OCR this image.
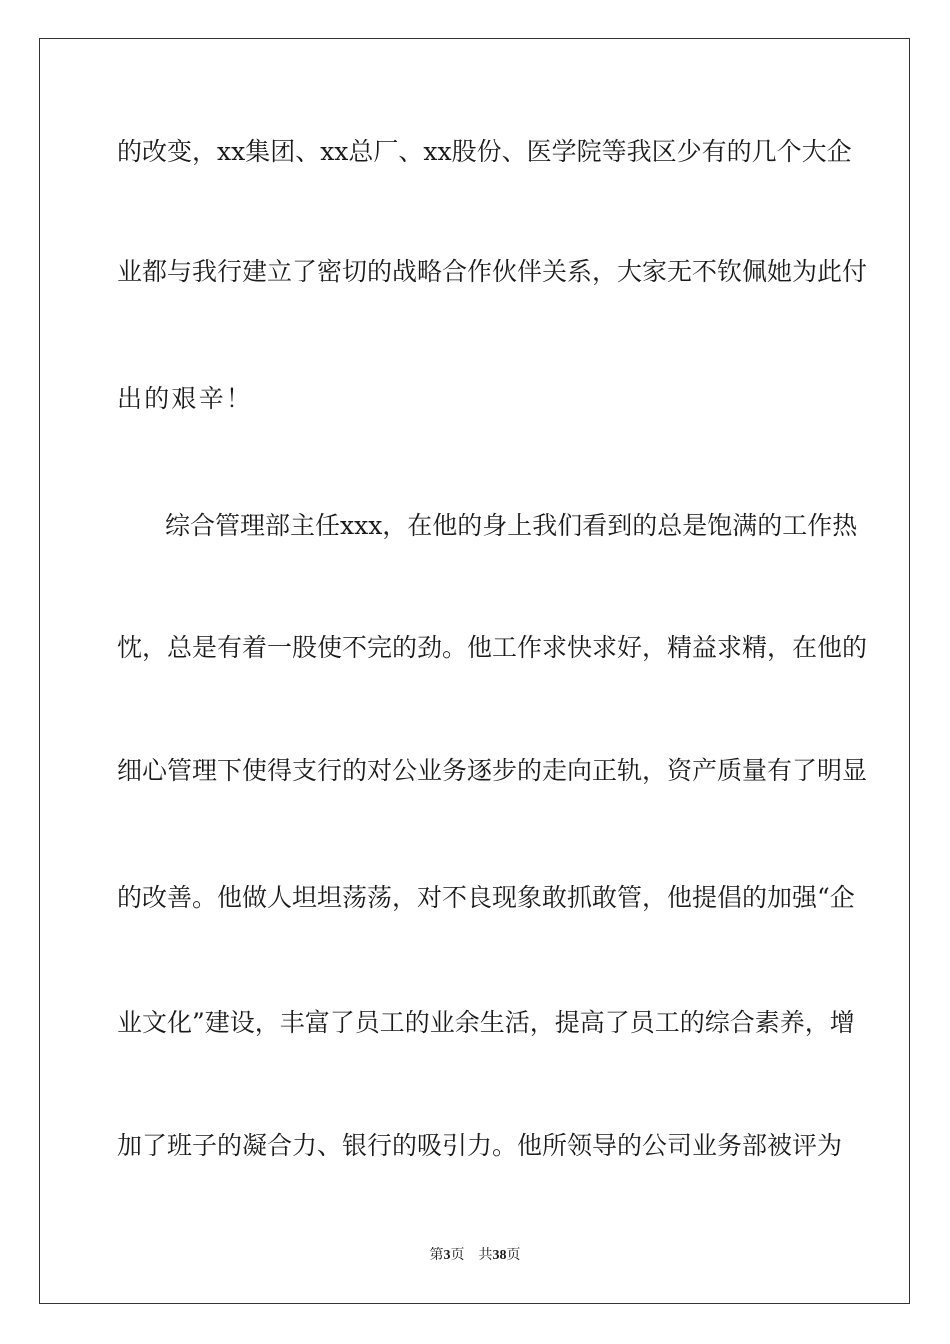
的改变，xx集团、xx总厂、xx股份、医学院等我区少有的几个大企
业都与我行建立了密切的战略合作伙伴关系，大家无不钦佩她为此付
出的艰辛！
综合管理部主任xxx，在他的身上我们看到的总是饱满的工作热
忱，总是有着一股使不完的劲。他工作求快求好，精益求精，在他的
细心管理下使得支行的对公业务逐步的走向正轨，资产质量有了明显
的改善。他做人坦坦荡荡，对不良现象敢抓敢管，他提倡的加强“企
业文化”建设，丰富了员工的业余生活，提高了员工的综合素养，增
加了班子的凝合力、银行的吸引力。他所领导的公司业务部被评为
第3页 共38页
